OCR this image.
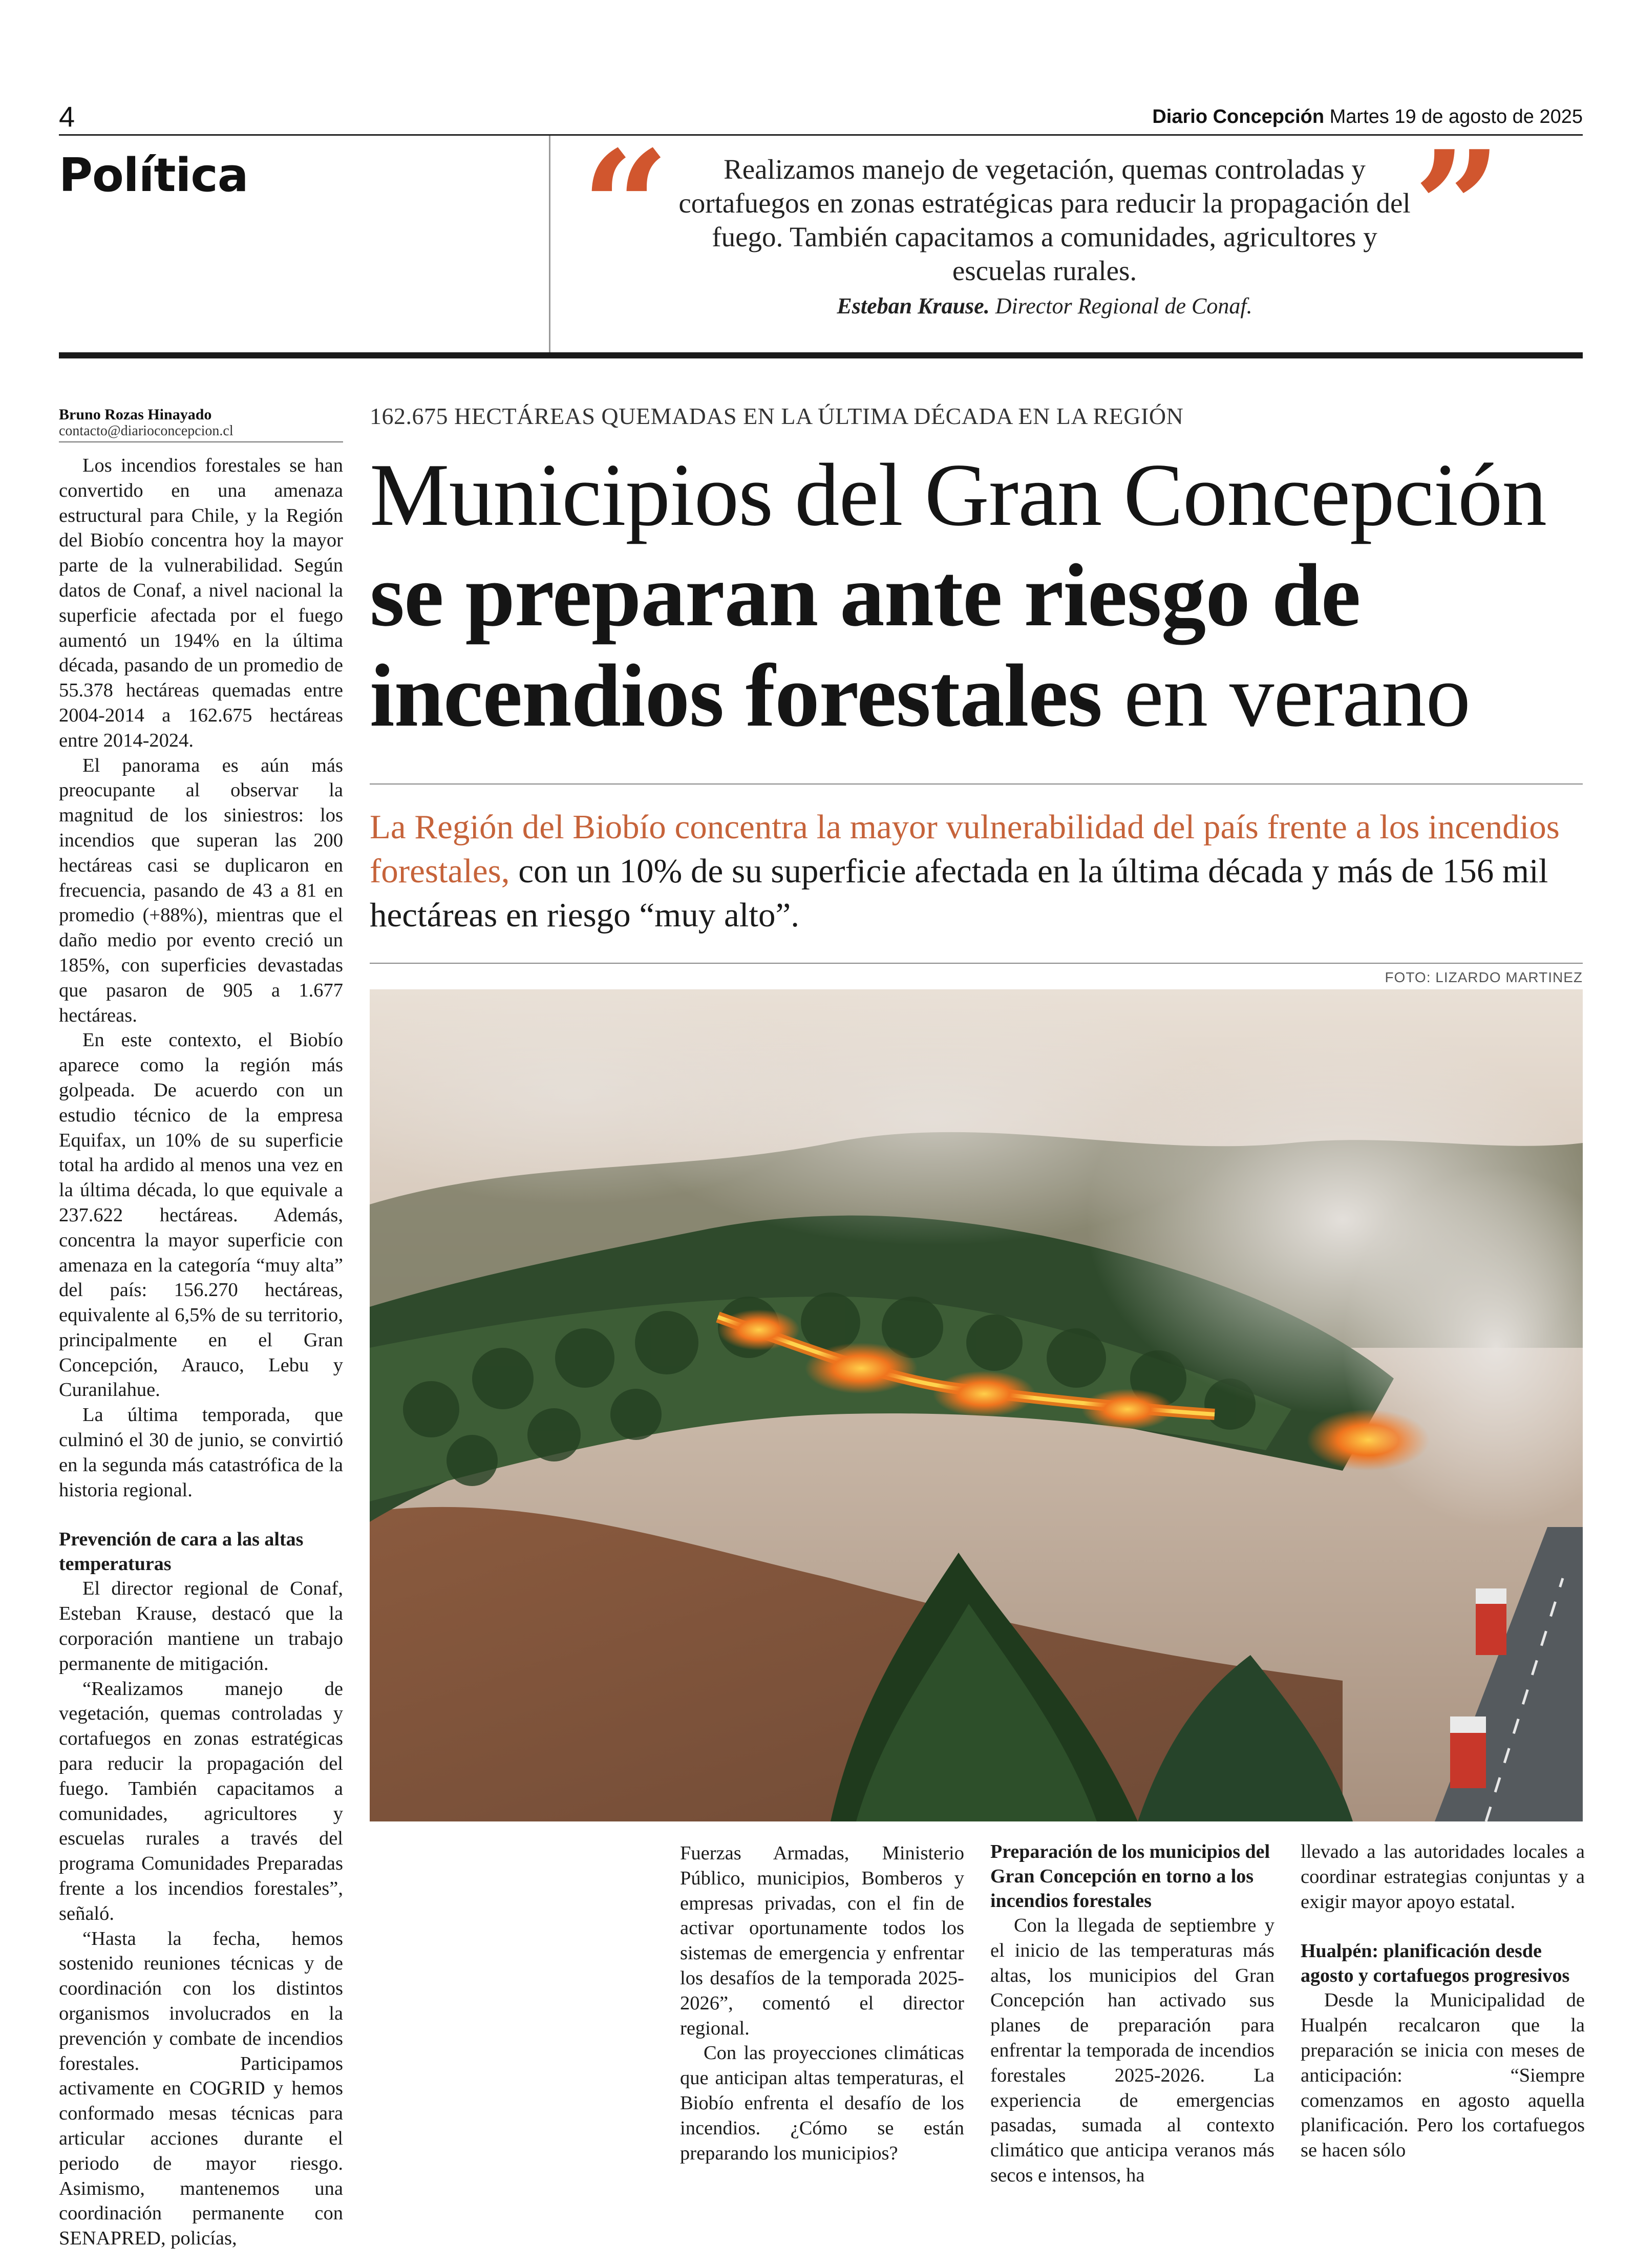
4	Diario Concepción Martes 19 de agosto de 2025
Política “	Realizamos manejo de vegetación, quemas controladas y cortafuegos en zonas estratégicas para reducir la propagación del fuego. También capacitamos a comunidades, agricultores y escuelas rurales.
Esteban Krause. Director Regional de Conaf.
”
Bruno Rozas Hinayado
contacto@diarioconcepcion.cl
162.675 HECTÁREAS QUEMADAS EN LA ÚLTIMA DÉCADA EN LA REGIÓN
Municipios del Gran Concepción se preparan ante riesgo de incendios forestales en verano
La Región del Biobío concentra la mayor vulnerabilidad del país frente a los incendios forestales, con un 10% de su superficie afectada en la última década y más de 156 mil hectáreas en riesgo “muy alto”.
FOTO: LIZARDO MARTINEZ

Los incendios forestales se han convertido en una amenaza estructural para Chile, y la Región del Biobío concentra hoy la mayor parte de la vulnerabilidad. Según datos de Conaf, a nivel nacional la superficie afectada por el fuego aumentó un 194% en la última década, pasando de un promedio de 55.378 hectáreas quemadas entre 2004-2014 a 162.675 hectáreas entre 2014-2024.

El panorama es aún más preocupante al observar la magnitud de los siniestros: los incendios que superan las 200 hectáreas casi se duplicaron en frecuencia, pasando de 43 a 81 en promedio (+88%), mientras que el daño medio por evento creció un 185%, con superficies devastadas que pasaron de 905 a 1.677 hectáreas.

En este contexto, el Biobío aparece como la región más golpeada. De acuerdo con un estudio técnico de la empresa Equifax, un 10% de su superficie total ha ardido al menos una vez en la última década, lo que equivale a 237.622 hectáreas. Además, concentra la mayor superficie con amenaza en la categoría “muy alta” del país: 156.270 hectáreas, equivalente al 6,5% de su territorio, principalmente en el Gran Concepción, Arauco, Lebu y Curanilahue.

La última temporada, que culminó el 30 de junio, se convirtió en la segunda más catastrófica de la historia regional.

Prevención de cara a las altas temperaturas

El director regional de Conaf, Esteban Krause, destacó que la corporación mantiene un trabajo permanente de mitigación.

“Realizamos manejo de vegetación, quemas controladas y cortafuegos en zonas estratégicas para reducir la propagación del fuego. También capacitamos a comunidades, agricultores y escuelas rurales a través del programa Comunidades Preparadas frente a los incendios forestales”, señaló.

“Hasta la fecha, hemos sostenido reuniones técnicas y de coordinación con los distintos organismos involucrados en la prevención y combate de incendios forestales. Participamos activamente en COGRID y hemos conformado mesas técnicas para articular acciones durante el periodo de mayor riesgo. Asimismo, mantenemos una coordinación permanente con SENAPRED, policías,

Fuerzas Armadas, Ministerio Público, municipios, Bomberos y empresas privadas, con el fin de activar oportunamente todos los sistemas de emergencia y enfrentar los desafíos de la temporada 2025-2026”, comentó el director regional.

Con las proyecciones climáticas que anticipan altas temperaturas, el Biobío enfrenta el desafío de los incendios. ¿Cómo se están preparando los municipios?

Preparación de los municipios del Gran Concepción en torno a los incendios forestales

Con la llegada de septiembre y el inicio de las temperaturas más altas, los municipios del Gran Concepción han activado sus planes de preparación para enfrentar la temporada de incendios forestales 2025-2026. La experiencia de emergencias pasadas, sumada al contexto climático que anticipa veranos más secos e intensos, ha

llevado a las autoridades locales a coordinar estrategias conjuntas y a exigir mayor apoyo estatal.

Hualpén: planificación desde agosto y cortafuegos progresivos

Desde la Municipalidad de Hualpén recalcaron que la preparación se inicia con meses de anticipación: “Siempre comenzamos en agosto aquella planificación. Pero los cortafuegos se hacen sólo
